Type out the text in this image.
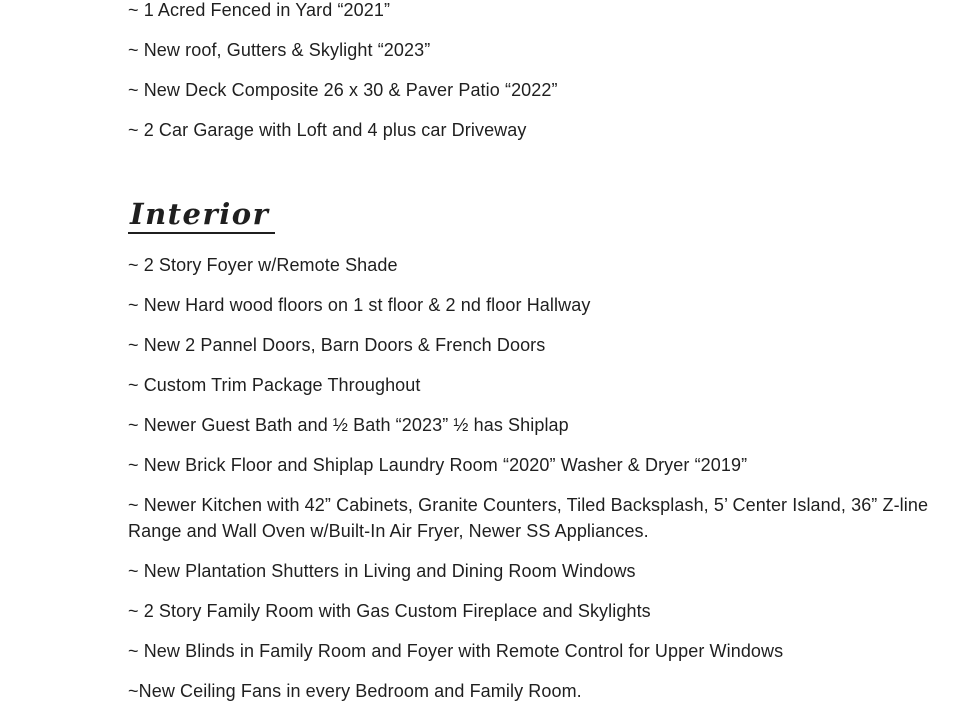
~ 1 Acred Fenced in Yard “2021”

~ New roof, Gutters & Skylight “2023”

~ New Deck Composite 26 x 30 & Paver Patio “2022”

~ 2 Car Garage with Loft and 4 plus car Driveway

Interior

~ 2 Story Foyer w/Remote Shade

~ New Hard wood floors on 1 st floor & 2 nd floor Hallway

~ New 2 Pannel Doors, Barn Doors & French Doors

~ Custom Trim Package Throughout

~ Newer Guest Bath and ½ Bath “2023” ½ has Shiplap

~ New Brick Floor and Shiplap Laundry Room “2020” Washer & Dryer “2019”

~ Newer Kitchen with 42” Cabinets, Granite Counters, Tiled Backsplash, 5’ Center Island, 36” Z-line
Range and Wall Oven w/Built-In Air Fryer, Newer SS Appliances.

~ New Plantation Shutters in Living and Dining Room Windows

~ 2 Story Family Room with Gas Custom Fireplace and Skylights

~ New Blinds in Family Room and Foyer with Remote Control for Upper Windows

~New Ceiling Fans in every Bedroom and Family Room.
